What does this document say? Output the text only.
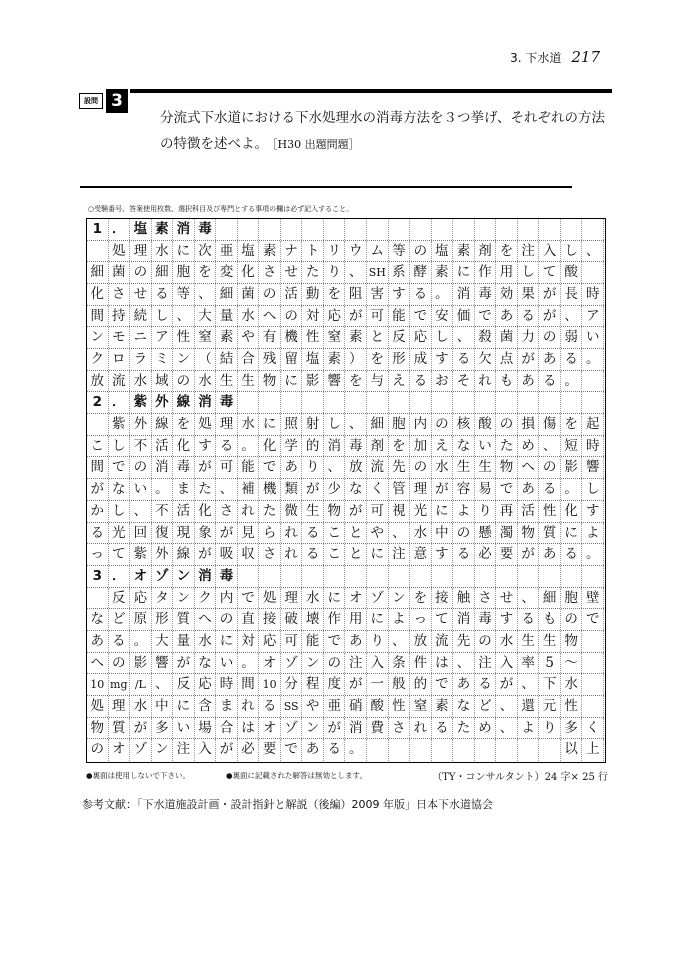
3. 下水道 217
設問 3
分流式下水道における下水処理水の消毒方法を３つ挙げ、それぞれの方法の特徴を述べよ。 ［H30 出題問題］
○受験番号、答案使用枚数、選択科目及び専門とする事項の欄は必ず記入すること。
1 ． 塩 素 消 毒
処 理 水 に 次 亜 塩 素 ナ ト リ ウ ム 等 の 塩 素 剤 を 注 入 し 、
細 菌 の 細 胞 を 変 化 さ せ た り 、 SH 系 酵 素 に 作 用 し て 酸
化 さ せ る 等 、 細 菌 の 活 動 を 阻 害 す る 。 消 毒 効 果 が 長 時
間 持 続 し 、 大 量 水 へ の 対 応 が 可 能 で 安 価 で あ る が 、 ア
ン モ ニ ア 性 窒 素 や 有 機 性 窒 素 と 反 応 し 、 殺 菌 力 の 弱 い
ク ロ ラ ミ ン （ 結 合 残 留 塩 素 ） を 形 成 す る 欠 点 が あ る 。
放 流 水 域 の 水 生 生 物 に 影 響 を 与 え る お そ れ も あ る 。
2 ． 紫 外 線 消 毒
紫 外 線 を 処 理 水 に 照 射 し 、 細 胞 内 の 核 酸 の 損 傷 を 起
こ し 不 活 化 す る 。 化 学 的 消 毒 剤 を 加 え な い た め 、 短 時
間 で の 消 毒 が 可 能 で あ り 、 放 流 先 の 水 生 生 物 へ の 影 響
が な い 。 ま た 、 補 機 類 が 少 な く 管 理 が 容 易 で あ る 。 し
か し 、 不 活 化 さ れ た 微 生 物 が 可 視 光 に よ り 再 活 性 化 す
る 光 回 復 現 象 が 見 ら れ る こ と や 、 水 中 の 懸 濁 物 質 に よ
っ て 紫 外 線 が 吸 収 さ れ る こ と に 注 意 す る 必 要 が あ る 。
3 ． オ ゾ ン 消 毒
反 応 タ ン ク 内 で 処 理 水 に オ ゾ ン を 接 触 さ せ 、 細 胞 壁
な ど 原 形 質 へ の 直 接 破 壊 作 用 に よ っ て 消 毒 す る も の で
あ る 。 大 量 水 に 対 応 可 能 で あ り 、 放 流 先 の 水 生 生 物
へ の 影 響 が な い 。 オ ゾ ン の 注 入 条 件 は 、 注 入 率 5 ～
10 mg /L 、 反 応 時 間 10 分 程 度 が 一 般 的 で あ る が 、 下 水
処 理 水 中 に 含 ま れ る SS や 亜 硝 酸 性 窒 素 な ど 、 還 元 性
物 質 が 多 い 場 合 は オ ゾ ン が 消 費 さ れ る た め 、 よ り 多 く
の オ ゾ ン 注 入 が 必 要 で あ る 。	以 上
●裏面は使用しないで下さい。	●裏面に記載された解答は無効とします。	（TY・コンサルタント）24 字× 25 行
参考文献：「下水道施設計画・設計指針と解説（後編）2009 年版」日本下水道協会
